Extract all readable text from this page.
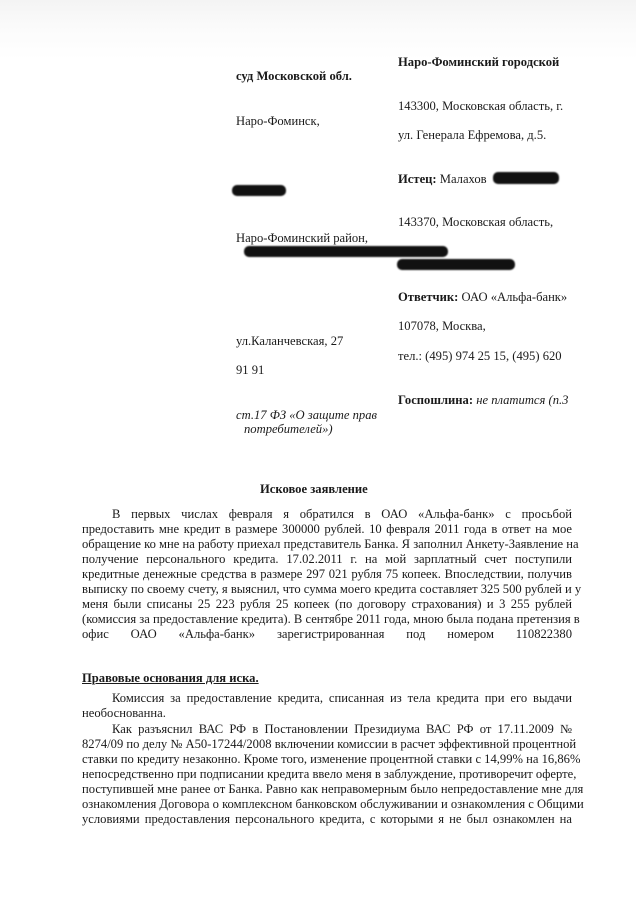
Наро-Фоминский городской
суд Московской обл.
143300, Московская область, г.
Наро-Фоминск,
ул. Генерала Ефремова, д.5.
Истец: Малахов
143370, Московская область,
Наро-Фоминский район,
Ответчик: ОАО «Альфа-банк»
107078, Москва,
ул.Каланчевская, 27
тел.: (495) 974 25 15, (495) 620
91 91
Госпошлина: не платится (п.3
ст.17 ФЗ «О защите прав
потребителей»)
Исковое заявление
В первых числах февраля я обратился в ОАО «Альфа-банк» с просьбой
предоставить мне кредит в размере 300000 рублей. 10 февраля 2011 года в ответ на мое
обращение ко мне на работу приехал представитель Банка. Я заполнил Анкету-Заявление на
получение персонального кредита. 17.02.2011 г. на мой зарплатный счет поступили
кредитные денежные средства в размере 297 021 рубля 75 копеек. Впоследствии, получив
выписку по своему счету, я выяснил, что сумма моего кредита составляет 325 500 рублей и у
меня были списаны 25 223 рубля 25 копеек (по договору страхования) и 3 255 рублей
(комиссия за предоставление кредита). В сентябре 2011 года, мною была подана претензия в
офис ОАО «Альфа-банк» зарегистрированная под номером 110822380
Правовые основания для иска.
Комиссия за предоставление кредита, списанная из тела кредита при его выдачи
необоснованна.
Как разъяснил ВАС РФ в Постановлении Президиума ВАС РФ от 17.11.2009 №
8274/09 по делу № А50-17244/2008 включении комиссии в расчет эффективной процентной
ставки по кредиту незаконно. Кроме того, изменение процентной ставки с 14,99% на 16,86%
непосредственно при подписании кредита ввело меня в заблуждение, противоречит оферте,
поступившей мне ранее от Банка. Равно как неправомерным было непредоставление мне для
ознакомления Договора о комплексном банковском обслуживании и ознакомления с Общими
условиями предоставления персонального кредита, с которыми я не был ознакомлен на
